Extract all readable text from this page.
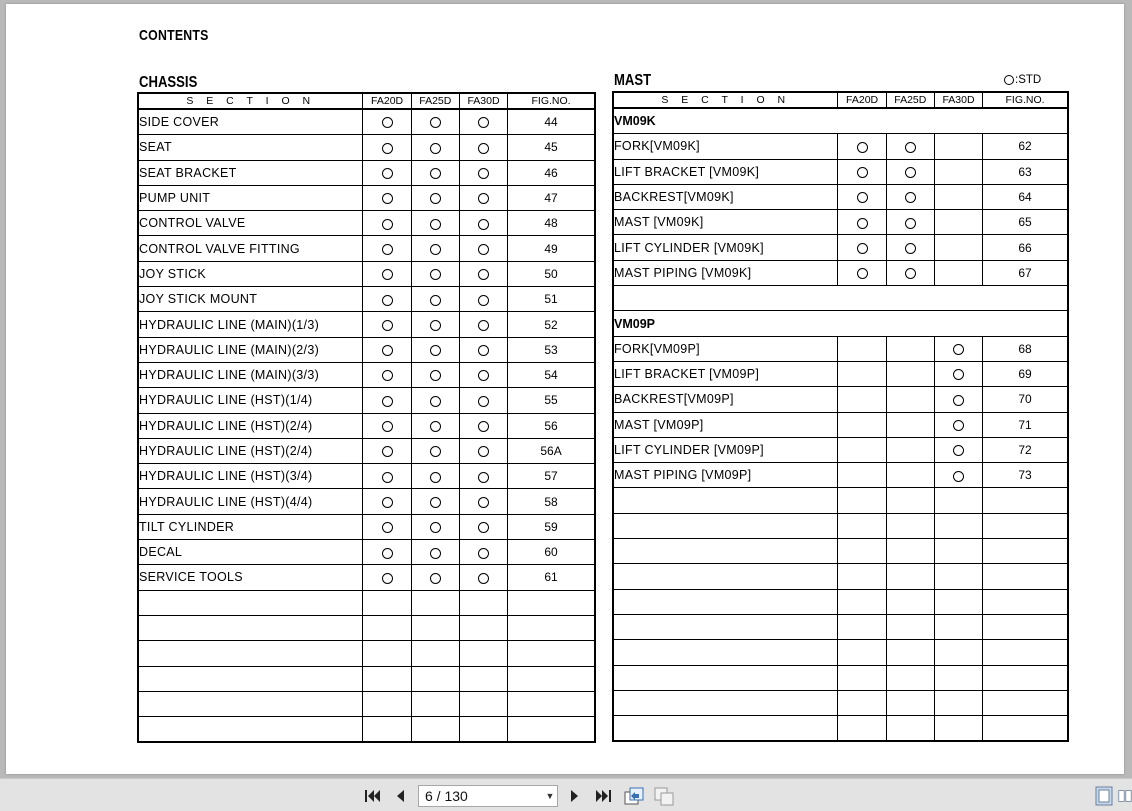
CONTENTS
CHASSIS	MAST	:STD
S E C T I O N	FA20D	FA25D	FA30D	FIG.NO.
SIDE COVER				44
SEAT				45
SEAT BRACKET				46
PUMP UNIT				47
CONTROL VALVE				48
CONTROL VALVE FITTING				49
JOY STICK				50
JOY STICK MOUNT				51
HYDRAULIC LINE (MAIN)(1/3)				52
HYDRAULIC LINE (MAIN)(2/3)				53
HYDRAULIC LINE (MAIN)(3/3)				54
HYDRAULIC LINE (HST)(1/4)				55
HYDRAULIC LINE (HST)(2/4)				56
HYDRAULIC LINE (HST)(2/4)				56A
HYDRAULIC LINE (HST)(3/4)				57
HYDRAULIC LINE (HST)(4/4)				58
TILT CYLINDER				59
DECAL				60
SERVICE TOOLS				61

S E C T I O N	FA20D	FA25D	FA30D	FIG.NO.
VM09K				
FORK[VM09K]				62
LIFT BRACKET [VM09K]				63
BACKREST[VM09K]				64
MAST [VM09K]				65
LIFT CYLINDER [VM09K]				66
MAST PIPING [VM09K]				67

VM09P				
FORK[VM09P]				68
LIFT BRACKET [VM09P]				69
BACKREST[VM09P]				70
MAST [VM09P]				71
LIFT CYLINDER [VM09P]				72
MAST PIPING [VM09P]				73

6 / 130	▼
